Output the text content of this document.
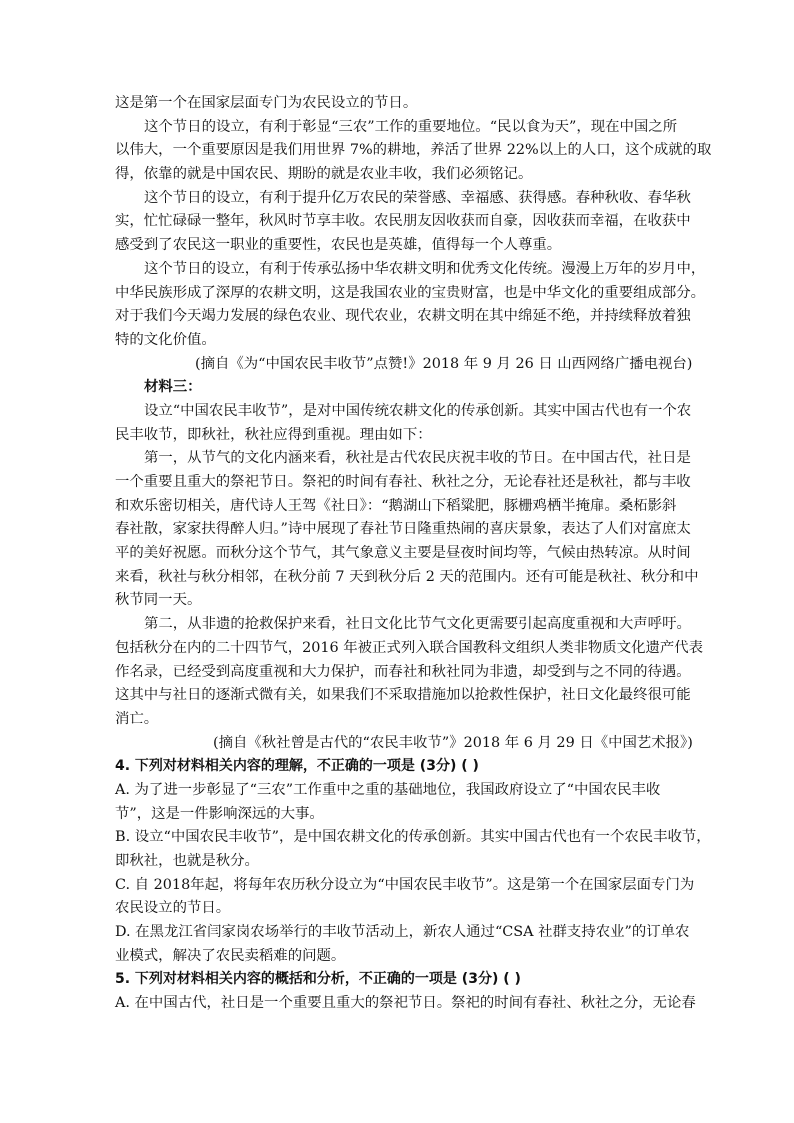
这是第一个在国家层面专门为农民设立的节日。
这个节日的设立，有利于彰显“三农”工作的重要地位。“民以食为天”，现在中国之所
以伟大，一个重要原因是我们用世界 7%的耕地，养活了世界 22%以上的人口，这个成就的取
得，依靠的就是中国农民、期盼的就是农业丰收，我们必须铭记。
这个节日的设立，有利于提升亿万农民的荣誉感、幸福感、获得感。春种秋收、春华秋
实，忙忙碌碌一整年，秋风时节享丰收。农民朋友因收获而自豪，因收获而幸福，在收获中
感受到了农民这一职业的重要性，农民也是英雄，值得每一个人尊重。
这个节日的设立，有利于传承弘扬中华农耕文明和优秀文化传统。漫漫上万年的岁月中，
中华民族形成了深厚的农耕文明，这是我国农业的宝贵财富，也是中华文化的重要组成部分。
对于我们今天竭力发展的绿色农业、现代农业，农耕文明在其中绵延不绝，并持续释放着独
特的文化价值。
(摘自《为“中国农民丰收节”点赞!》2018 年 9 月 26 日 山西网络广播电视台)
材料三：
设立“中国农民丰收节”，是对中国传统农耕文化的传承创新。其实中国古代也有一个农
民丰收节，即秋社，秋社应得到重视。理由如下：
第一，从节气的文化内涵来看，秋社是古代农民庆祝丰收的节日。在中国古代，社日是
一个重要且重大的祭祀节日。祭祀的时间有春社、秋社之分，无论春社还是秋社，都与丰收
和欢乐密切相关，唐代诗人王驾《社日》：“鹅湖山下稻粱肥，豚栅鸡栖半掩扉。桑柘影斜
春社散，家家扶得醉人归。”诗中展现了春社节日隆重热闹的喜庆景象，表达了人们对富庶太
平的美好祝愿。而秋分这个节气，其气象意义主要是昼夜时间均等，气候由热转凉。从时间
来看，秋社与秋分相邻，在秋分前 7 天到秋分后 2 天的范围内。还有可能是秋社、秋分和中
秋节同一天。
第二，从非遗的抢救保护来看，社日文化比节气文化更需要引起高度重视和大声呼吁。
包括秋分在内的二十四节气，2016 年被正式列入联合国教科文组织人类非物质文化遗产代表
作名录，已经受到高度重视和大力保护，而春社和秋社同为非遗，却受到与之不同的待遇。
这其中与社日的逐渐式微有关，如果我们不采取措施加以抢救性保护，社日文化最终很可能
消亡。
(摘自《秋社曾是古代的“农民丰收节”》2018 年 6 月 29 日《中国艺术报》)
4. 下列对材料相关内容的理解，不正确的一项是 (3分) ( )
A. 为了进一步彰显了“三农”工作重中之重的基础地位，我国政府设立了“中国农民丰收
节”，这是一件影响深远的大事。
B. 设立“中国农民丰收节”，是中国农耕文化的传承创新。其实中国古代也有一个农民丰收节，
即秋社，也就是秋分。
C. 自 2018年起，将每年农历秋分设立为“中国农民丰收节”。这是第一个在国家层面专门为
农民设立的节日。
D. 在黑龙江省闫家岗农场举行的丰收节活动上，新农人通过“CSA 社群支持农业”的订单农
业模式，解决了农民卖稻难的问题。
5. 下列对材料相关内容的概括和分析，不正确的一项是 (3分) ( )
A. 在中国古代，社日是一个重要且重大的祭祀节日。祭祀的时间有春社、秋社之分，无论春
